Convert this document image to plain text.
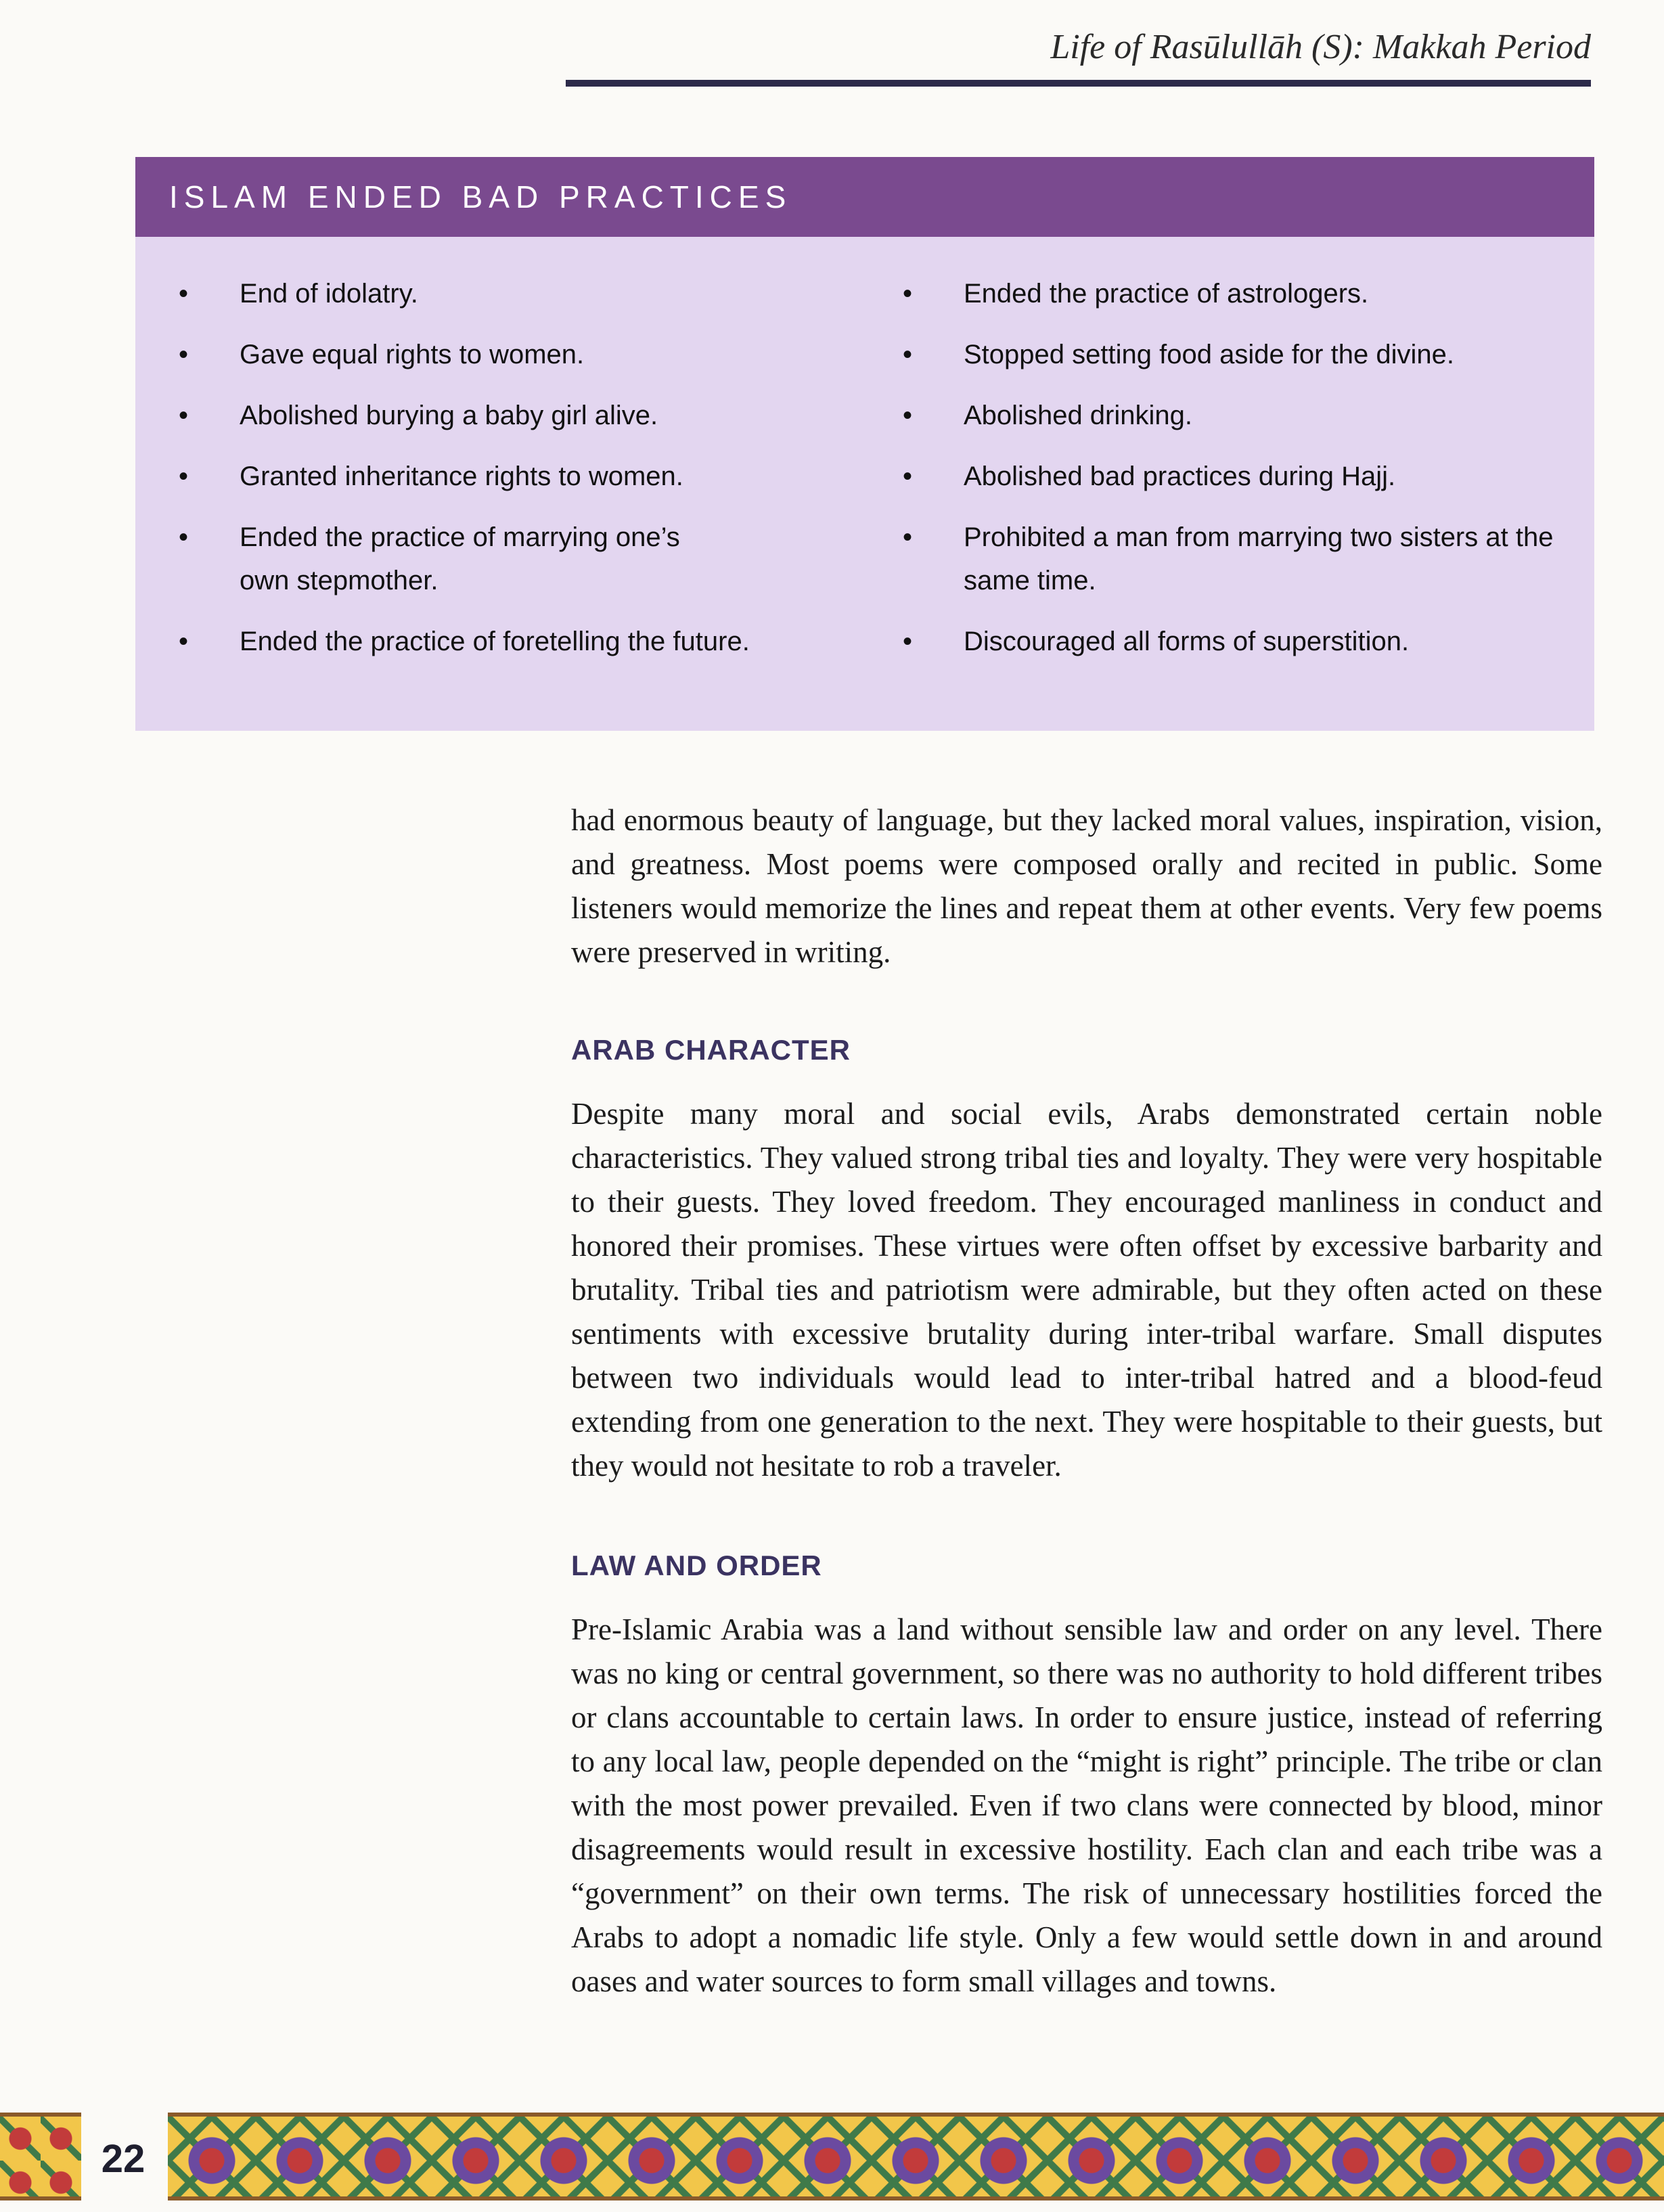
Life of Rasūlullāh (S): Makkah Period
ISLAM ENDED BAD PRACTICES
• End of idolatry.
• Gave equal rights to women.
• Abolished burying a baby girl alive.
• Granted inheritance rights to women.
• Ended the practice of marrying one’s own stepmother.
• Ended the practice of foretelling the future.
• Ended the practice of astrologers.
• Stopped setting food aside for the divine.
• Abolished drinking.
• Abolished bad practices during Hajj.
• Prohibited a man from marrying two sisters at the same time.
• Discouraged all forms of superstition.

had enormous beauty of language, but they lacked moral values, inspiration, vision, and greatness. Most poems were composed orally and recited in public. Some listeners would memorize the lines and repeat them at other events. Very few poems were preserved in writing.

ARAB CHARACTER

Despite many moral and social evils, Arabs demonstrated certain noble characteristics. They valued strong tribal ties and loyalty. They were very hospitable to their guests. They loved freedom. They encouraged manliness in conduct and honored their promises. These virtues were often offset by excessive barbarity and brutality. Tribal ties and patriotism were admirable, but they often acted on these sentiments with excessive brutality during inter-tribal warfare. Small disputes between two individuals would lead to inter-tribal hatred and a blood-feud extending from one generation to the next. They were hospitable to their guests, but they would not hesitate to rob a traveler.

LAW AND ORDER

Pre-Islamic Arabia was a land without sensible law and order on any level. There was no king or central government, so there was no authority to hold different tribes or clans accountable to certain laws. In order to ensure justice, instead of referring to any local law, people depended on the “might is right” principle. The tribe or clan with the most power prevailed. Even if two clans were connected by blood, minor disagreements would result in excessive hostility. Each clan and each tribe was a “government” on their own terms. The risk of unnecessary hostilities forced the Arabs to adopt a nomadic life style. Only a few would settle down in and around oases and water sources to form small villages and towns.

22
